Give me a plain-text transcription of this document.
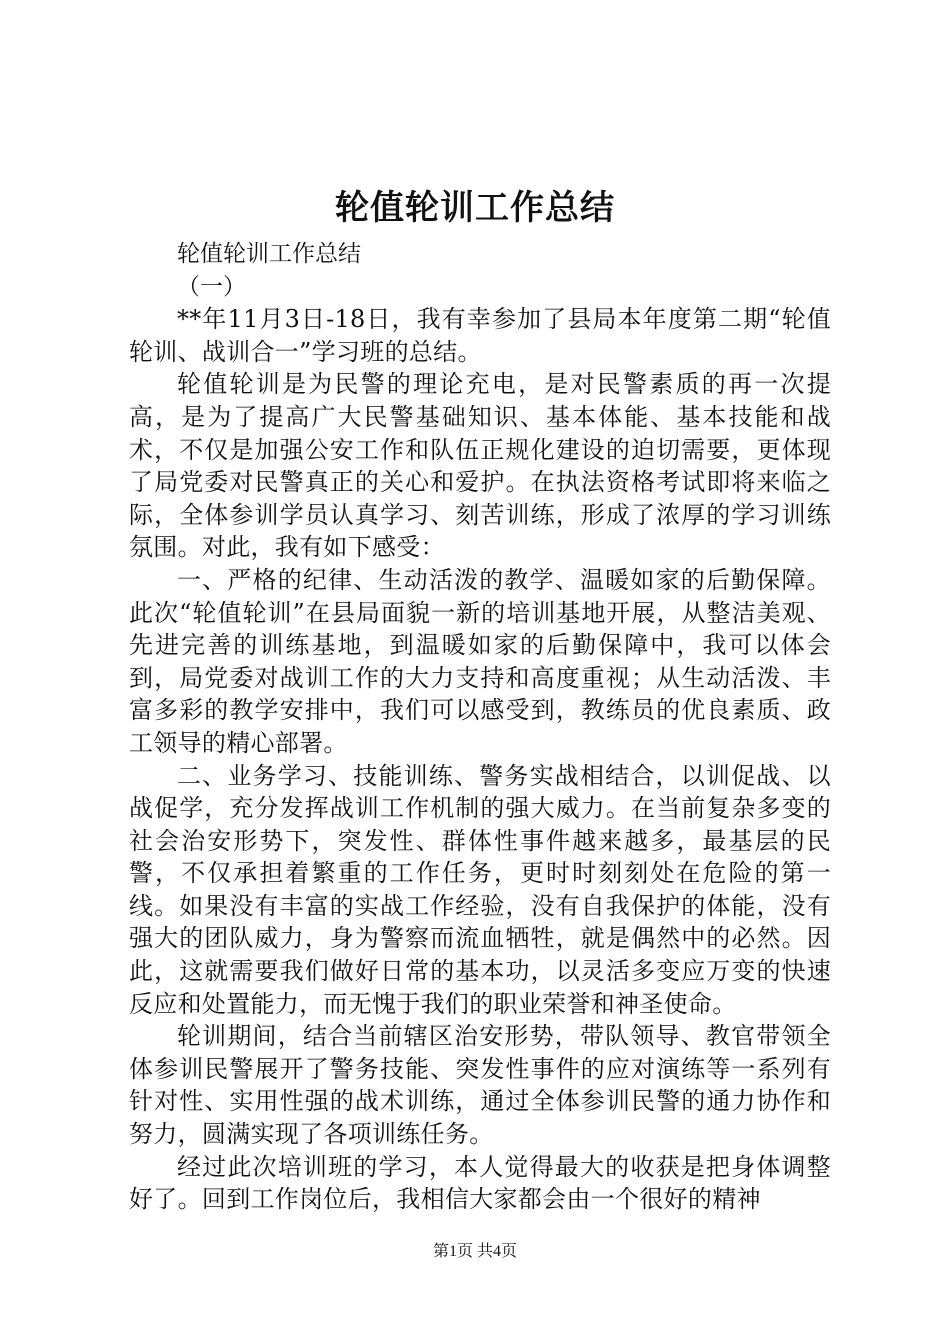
轮值轮训工作总结

轮值轮训工作总结

（一）

**年11月3日-18日，我有幸参加了县局本年度第二期“轮值轮训、战训合一”学习班的总结。

轮值轮训是为民警的理论充电，是对民警素质的再一次提高，是为了提高广大民警基础知识、基本体能、基本技能和战术，不仅是加强公安工作和队伍正规化建设的迫切需要，更体现了局党委对民警真正的关心和爱护。在执法资格考试即将来临之际，全体参训学员认真学习、刻苦训练，形成了浓厚的学习训练氛围。对此，我有如下感受：

一、严格的纪律、生动活泼的教学、温暖如家的后勤保障。此次“轮值轮训”在县局面貌一新的培训基地开展，从整洁美观、先进完善的训练基地，到温暖如家的后勤保障中，我可以体会到，局党委对战训工作的大力支持和高度重视；从生动活泼、丰富多彩的教学安排中，我们可以感受到，教练员的优良素质、政工领导的精心部署。

二、业务学习、技能训练、警务实战相结合，以训促战、以战促学，充分发挥战训工作机制的强大威力。在当前复杂多变的社会治安形势下，突发性、群体性事件越来越多，最基层的民警，不仅承担着繁重的工作任务，更时时刻刻处在危险的第一线。如果没有丰富的实战工作经验，没有自我保护的体能，没有强大的团队威力，身为警察而流血牺牲，就是偶然中的必然。因此，这就需要我们做好日常的基本功，以灵活多变应万变的快速反应和处置能力，而无愧于我们的职业荣誉和神圣使命。

轮训期间，结合当前辖区治安形势，带队领导、教官带领全体参训民警展开了警务技能、突发性事件的应对演练等一系列有针对性、实用性强的战术训练，通过全体参训民警的通力协作和努力，圆满实现了各项训练任务。

经过此次培训班的学习，本人觉得最大的收获是把身体调整好了。回到工作岗位后，我相信大家都会由一个很好的精神

第1页 共4页
